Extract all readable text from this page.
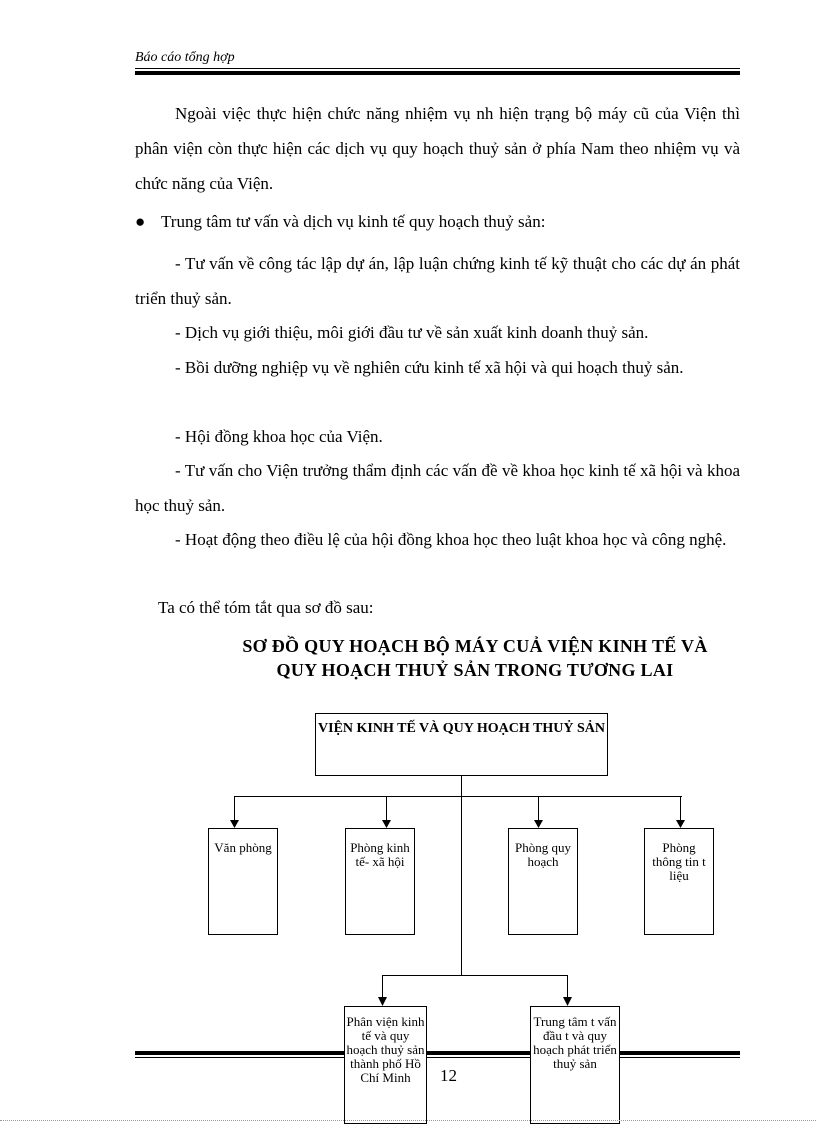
Báo cáo tổng hợp
Ngoài việc thực hiện chức năng nhiệm vụ nh hiện trạng bộ máy cũ của Viện thì phân viện còn thực hiện các dịch vụ quy hoạch thuỷ sản ở phía Nam theo nhiệm vụ và chức năng của Viện.
● Trung tâm tư vấn và dịch vụ kinh tế quy hoạch thuỷ sản:
- Tư vấn về công tác lập dự án, lập luận chứng kinh tế kỹ thuật cho các dự án phát triển thuỷ sản.
- Dịch vụ giới thiệu, môi giới đầu tư về sản xuất kinh doanh thuỷ sản.
- Bồi dưỡng nghiệp vụ về nghiên cứu kinh tế xã hội và qui hoạch thuỷ sản.
- Hội đồng khoa học của Viện.
- Tư vấn cho Viện trưởng thẩm định các vấn đề về khoa học kinh tế xã hội và khoa học thuỷ sản.
- Hoạt động theo điều lệ của hội đồng khoa học theo luật khoa học và công nghệ.
Ta có thể tóm tắt qua sơ đồ sau:
SƠ ĐỒ QUY HOẠCH BỘ MÁY CUẢ VIỆN KINH TẾ VÀ
QUY HOẠCH THUỶ SẢN TRONG TƯƠNG LAI
VIỆN KINH TẾ VÀ QUY HOẠCH THUỶ SẢN
Văn phòng	Phòng kinh tế- xã hội
Phòng quy hoạch
Phòng thông tin t liệu
Phân viện kinh tế và quy hoạch thuỷ sản thành phố Hồ Chí Minh
Trung tâm t vấn đầu t và quy hoạch phát triển thuỷ sản
12
